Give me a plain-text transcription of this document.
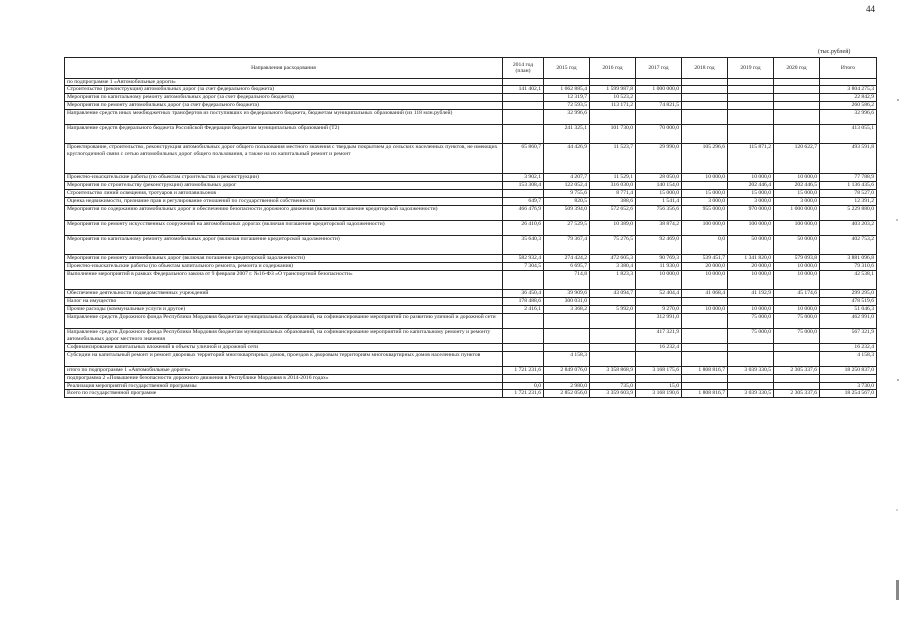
44
(тыс.рублей)
Направления расходования	2014 год (план)	2015 год	2016 год	2017 год	2018 год	2019 год	2020 год	Итого
по подпрограмме 1 «Автомобильные дороги»								
Строительство (реконструкция) автомобильных дорог (за счет федерального бюджета)	141 402,1	1 062 885,4	1 599 987,8	1 000 000,0				3 804 275,3
Мероприятия по капитальному ремонту автомобильных дорог (за счет федерального бюджета)		12 319,7	10 523,2					22 842,9
Мероприятия по ремонту автомобильных дорог (за счет федерального бюджета)		72 593,5	113 171,2	74 821,5				260 586,2
Направление средств иных межбюджетных трансфертов из поступивших из федерального бюджета, бюджетам муниципальных образований (из 118 млн.рублей)		32 996,6						32 996,6
Направление средств федерального бюджета Российской Федерации бюджетам муниципальных образований (Т2)		241 325,1	101 730,0	70 000,0				413 055,1
Проектирование, строительство, реконструкция автомобильных дорог общего пользования местного значения с твердым покрытием до сельских населенных пунктов, не имеющих круглогодичной связи с сетью автомобильных дорог общего пользования, а также на их капитальный ремонт и ремонт	65 860,7	44 426,9	11 523,7	29 990,0	105 296,6	115 871,2	120 622,7	493 591,8
Проектно-изыскательские работы (по объектам строительства и реконструкции)	3 902,1	4 207,7	11 529,1	28 050,0	10 000,0	10 000,0	10 000,0	77 788,9
Мероприятия по строительству (реконструкции) автомобильных дорог	153 308,4	122 052,4	316 030,0	140 154,0		202 446,4	202 446,5	1 136 435,6
Строительство линий освещения, тротуаров и автопавильонов		9 755,6	8 771,4	15 000,0	15 000,0	15 000,0	15 000,0	78 527,0
Оценка недвижимости, признание прав и регулирование отношений по государственной собственности	649,7	820,5	388,6	1 541,4	3 000,0	3 000,0	3 000,0	12 391,2
Мероприятия по содержанию автомобильных дорог и обеспечению безопасности дорожного движения (включая погашение кредиторской задолженности)	466 476,9	509 394,0	572 652,6	756 356,6	955 000,0	970 000,0	1 000 000,0	5 229 880,0
Мероприятия по ремонту искусственных сооружений на автомобильных дорогах (включая погашение кредиторской задолженности)	26 410,6	27 529,5	10 389,0	38 874,2	100 000,0	100 000,0	100 000,0	403 203,2
Мероприятия по капитальному ремонту автомобильных дорог (включая погашение кредиторской задолженности)	35 640,3	79 367,4	75 276,5	92 469,0	0,0	50 000,0	50 000,0	402 753,2
Мероприятия по ремонту автомобильных дорог (включая погашение кредиторской задолженности)	582 932,4	274 424,2	472 605,3	90 769,3	539 451,7	1 341 820,0	579 093,8	3 881 096,8
Проектно-изыскательские работы (по объектам капитального ремонта, ремонта и содержания)	7 304,5	6 695,7	3 380,4	11 930,0	20 000,0	20 000,0	10 000,0	79 310,6
Выполнение мероприятий в рамках Федерального закона от 9 февраля 2007 г. №16-ФЗ «О транспортной безопасности»		714,8	1 823,3	10 000,0	10 000,0	10 000,0	10 000,0	42 538,1
Обеспечение деятельности подведомственных учреждений	36 450,4	39 909,6	43 094,7	52 404,4	41 068,4	41 192,9	45 174,6	299 295,0
Налог на имущество	178 488,6	300 031,0						478 519,6
Прочие расходы (коммунальные услуги и другое)	2 416,1	3 368,2	5 992,0	9 270,0	10 000,0	10 000,0	10 000,0	51 046,3
Направление средств Дорожного фонда Республики Мордовия бюджетам муниципальных образований, на софинансирование мероприятий по развитию уличной и дорожной сети				312 991,0		75 000,0	75 000,0	462 991,0
Направление средств Дорожного фонда Республики Мордовия бюджетам муниципальных образований, на софинансирование мероприятий по капитальному ремонту и ремонту автомобильных дорог местного значения				417 321,9		75 000,0	75 000,0	567 321,9
Софинансирование капитальных вложений в объекты уличной и дорожной сети				16 232,4				16 232,4
Субсидии на капитальный ремонт и ремонт дворовых территорий многоквартирных домов, проездов к дворовым территориям многоквартирных домов населенных пунктов		4 158,3						4 158,3
итого по подпрограмме 1 «Автомобильные дороги»	1 721 231,6	2 849 076,0	3 358 868,9	3 168 175,6	1 808 816,7	3 039 330,5	2 305 337,6	18 250 837,0
подпрограмма 2 «Повышение безопасности дорожного движения в Республике Мордовия в 2014-2016 годах»								
Реализация мероприятий государственной программы	0,0	2 980,0	735,0	15,0				3 730,0
Всего по государственной программе	1 721 231,6	2 852 056,0	3 359 603,9	3 168 190,6	1 808 816,7	3 039 330,5	2 305 337,6	18 254 567,0
